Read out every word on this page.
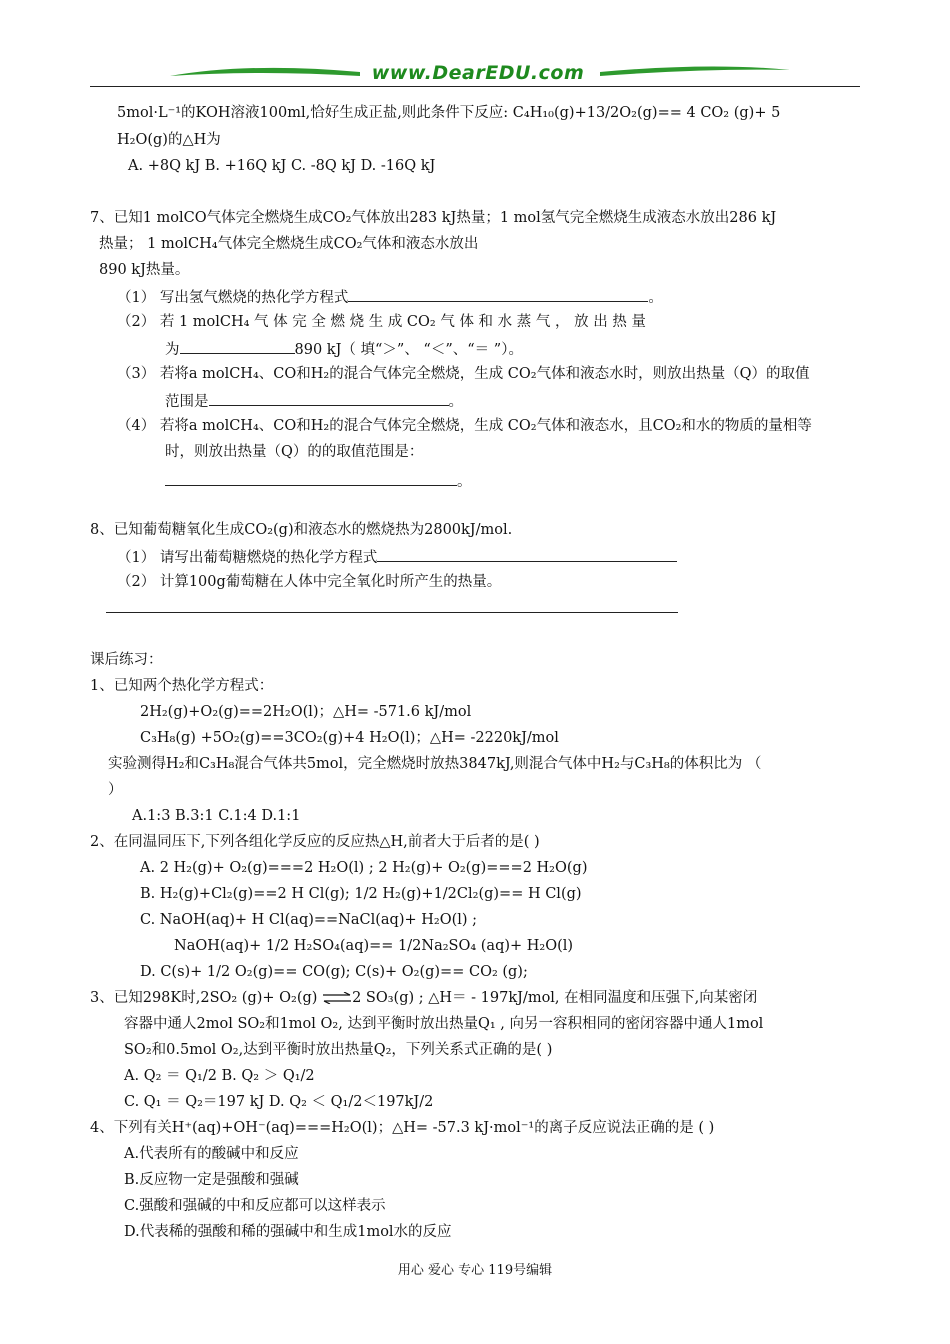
www.DearEDU.com
5mol·L⁻¹的KOH溶液100ml,恰好生成正盐,则此条件下反应: C₄H₁₀(g)+13/2O₂(g)== 4 CO₂ (g)+ 5
H₂O(g)的△H为
A. +8Q kJ B. +16Q kJ C. -8Q kJ D. -16Q kJ
7、已知1 molCO气体完全燃烧生成CO₂气体放出283 kJ热量；1 mol氢气完全燃烧生成液态水放出286 kJ
热量； 1 molCH₄气体完全燃烧生成CO₂气体和液态水放出
890 kJ热量。
（1） 写出氢气燃烧的热化学方程式	。
（2） 若 1 molCH₄ 气 体 完 全 燃 烧 生 成 CO₂ 气 体 和 水 蒸 气 ， 放 出 热 量
为	890 kJ（ 填“＞”、 “＜”、“＝ ”）。
（3） 若将a molCH₄、CO和H₂的混合气体完全燃烧，生成 CO₂气体和液态水时，则放出热量（Q）的取值
范围是	。
（4） 若将a molCH₄、CO和H₂的混合气体完全燃烧，生成 CO₂气体和液态水，且CO₂和水的物质的量相等
时，则放出热量（Q）的的取值范围是：
。
8、已知葡萄糖氧化生成CO₂(g)和液态水的燃烧热为2800kJ/mol.
（1） 请写出葡萄糖燃烧的热化学方程式
（2） 计算100g葡萄糖在人体中完全氧化时所产生的热量。
课后练习：
1、已知两个热化学方程式：
2H₂(g)+O₂(g)==2H₂O(l)；△H= -571.6 kJ/mol
C₃H₈(g) +5O₂(g)==3CO₂(g)+4 H₂O(l)；△H= -2220kJ/mol
实验测得H₂和C₃H₈混合气体共5mol，完全燃烧时放热3847kJ,则混合气体中H₂与C₃H₈的体积比为 （
）
A.1:3 B.3:1 C.1:4 D.1:1
2、在同温同压下,下列各组化学反应的反应热△H,前者大于后者的是( )
A. 2 H₂(g)+ O₂(g)===2 H₂O(l) ; 2 H₂(g)+ O₂(g)===2 H₂O(g)
B. H₂(g)+Cl₂(g)==2 H Cl(g); 1/2 H₂(g)+1/2Cl₂(g)== H Cl(g)
C. NaOH(aq)+ H Cl(aq)==NaCl(aq)+ H₂O(l) ;
NaOH(aq)+ 1/2 H₂SO₄(aq)== 1/2Na₂SO₄ (aq)+ H₂O(l)
D. C(s)+ 1/2 O₂(g)== CO(g); C(s)+ O₂(g)== CO₂ (g);
3、已知298K时,2SO₂ (g)+ O₂(g) ⇌2 SO₃(g) ; △H＝ - 197kJ/mol, 在相同温度和压强下,向某密闭
容器中通人2mol SO₂和1mol O₂, 达到平衡时放出热量Q₁ , 向另一容积相同的密闭容器中通人1mol
SO₂和0.5mol O₂,达到平衡时放出热量Q₂，下列关系式正确的是( )
A. Q₂ ＝ Q₁/2 B. Q₂ ＞ Q₁/2
C. Q₁ ＝ Q₂＝197 kJ D. Q₂ ＜ Q₁/2＜197kJ/2
4、下列有关H⁺(aq)+OH⁻(aq)===H₂O(l)；△H= -57.3 kJ·mol⁻¹的离子反应说法正确的是 ( )
A.代表所有的酸碱中和反应
B.反应物一定是强酸和强碱
C.强酸和强碱的中和反应都可以这样表示
D.代表稀的强酸和稀的强碱中和生成1mol水的反应
用心 爱心 专心 119号编辑
